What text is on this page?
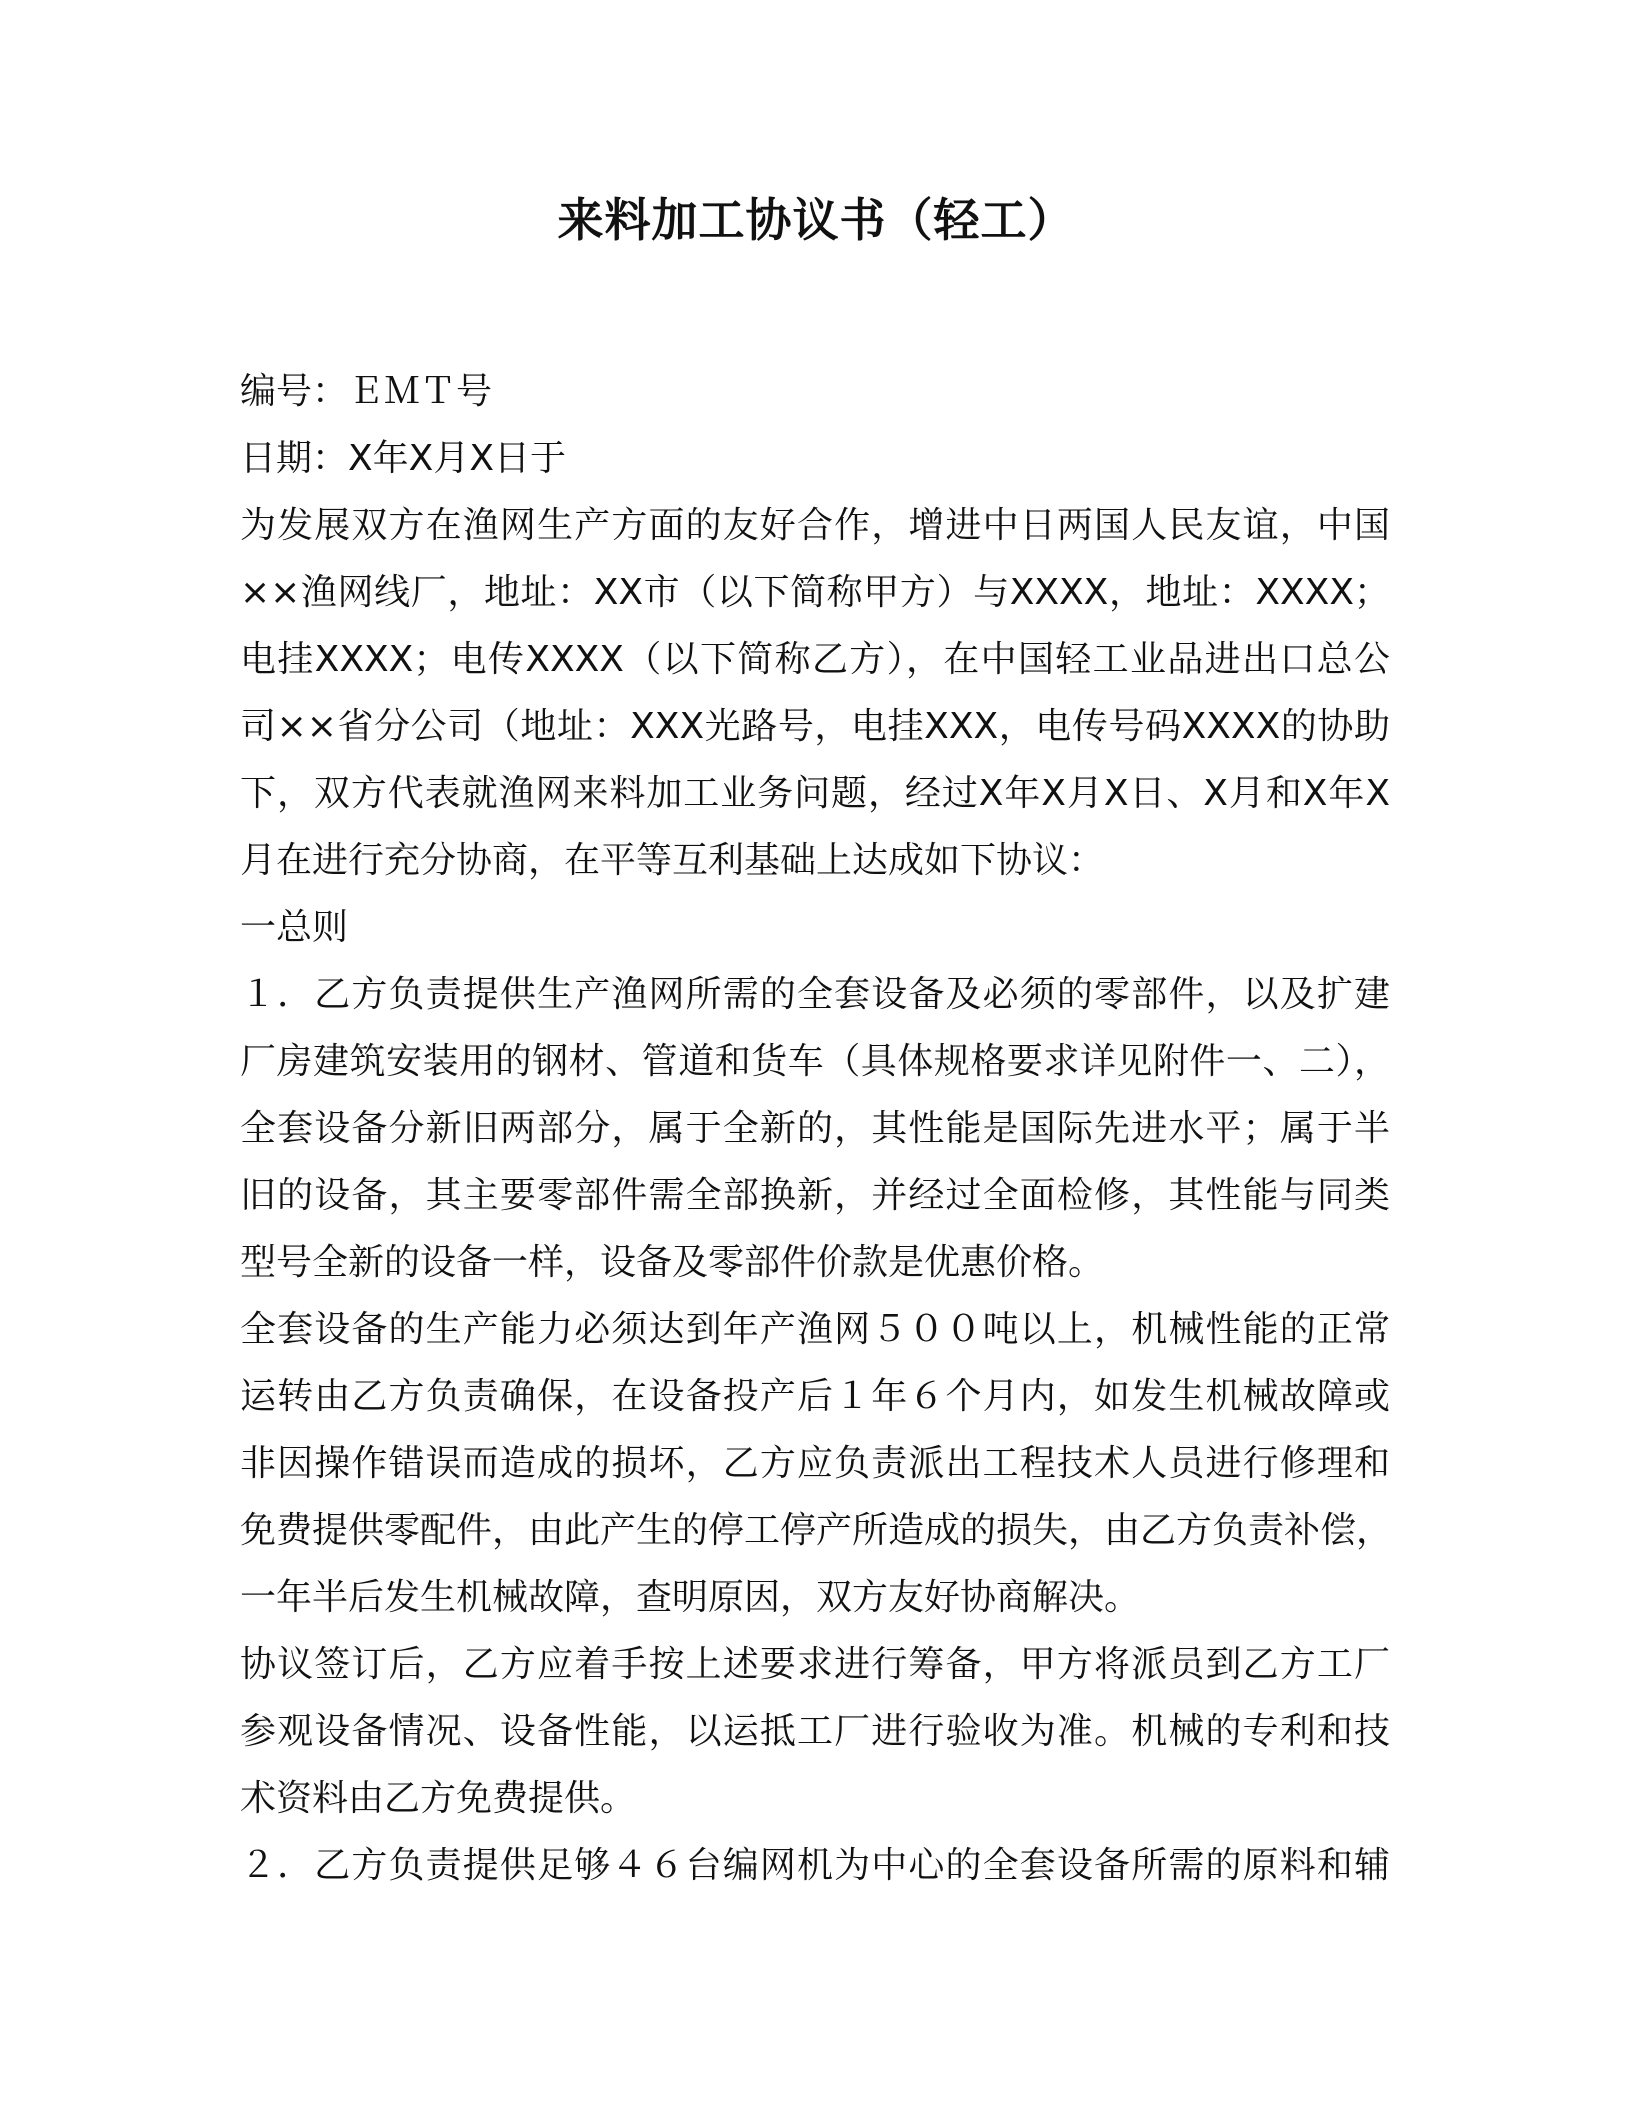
来料加工协议书（轻工）
编号：ＥＭＴ号
日期：X年X月X日于
为发展双方在渔网生产方面的友好合作，增进中日两国人民友谊，中国
××渔网线厂，地址：XX市（以下简称甲方）与XXXX，地址：XXXX；
电挂XXXX；电传XXXX（以下简称乙方），在中国轻工业品进出口总公
司××省分公司（地址：XXX光路号，电挂XXX，电传号码XXXX的协助
下，双方代表就渔网来料加工业务问题，经过X年X月X日、X月和X年X
月在进行充分协商，在平等互利基础上达成如下协议：
一总则
１．乙方负责提供生产渔网所需的全套设备及必须的零部件，以及扩建
厂房建筑安装用的钢材、管道和货车（具体规格要求详见附件一、二），
全套设备分新旧两部分，属于全新的，其性能是国际先进水平；属于半
旧的设备，其主要零部件需全部换新，并经过全面检修，其性能与同类
型号全新的设备一样，设备及零部件价款是优惠价格。
全套设备的生产能力必须达到年产渔网５００吨以上，机械性能的正常
运转由乙方负责确保，在设备投产后１年６个月内，如发生机械故障或
非因操作错误而造成的损坏，乙方应负责派出工程技术人员进行修理和
免费提供零配件，由此产生的停工停产所造成的损失，由乙方负责补偿，
一年半后发生机械故障，查明原因，双方友好协商解决。
协议签订后，乙方应着手按上述要求进行筹备，甲方将派员到乙方工厂
参观设备情况、设备性能，以运抵工厂进行验收为准。机械的专利和技
术资料由乙方免费提供。
２．乙方负责提供足够４６台编网机为中心的全套设备所需的原料和辅
